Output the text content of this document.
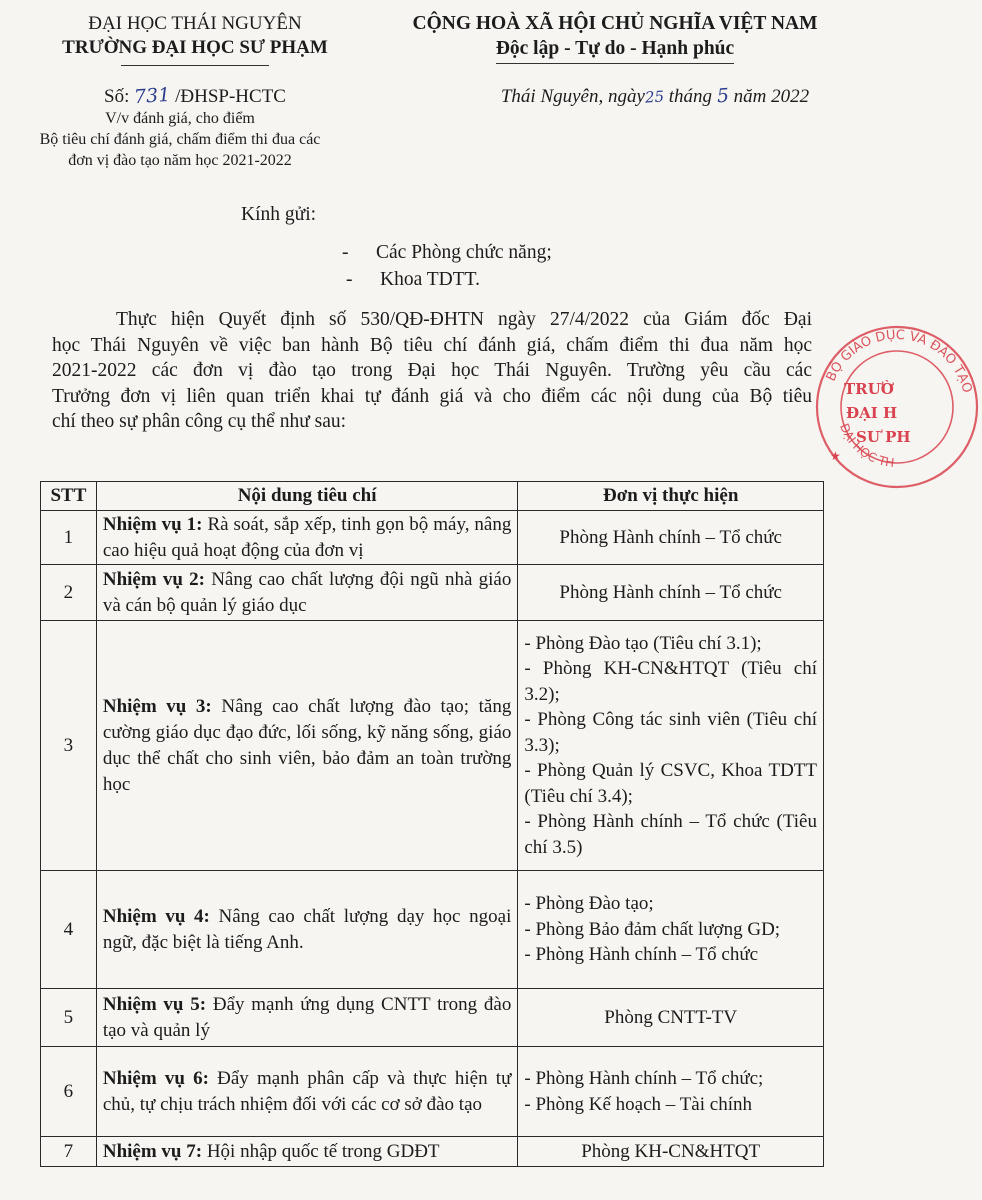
ĐẠI HỌC THÁI NGUYÊN
TRƯỜNG ĐẠI HỌC SƯ PHẠM
CỘNG HOÀ XÃ HỘI CHỦ NGHĨA VIỆT NAM
Độc lập - Tự do - Hạnh phúc
Số: 731 /ĐHSP-HCTC
V/v đánh giá, cho điểm
Bộ tiêu chí đánh giá, chấm điểm thi đua các
đơn vị đào tạo năm học 2021-2022
Thái Nguyên, ngày25 tháng 5 năm 2022
Kính gửi:
- Các Phòng chức năng;
- Khoa TDTT.
Thực hiện Quyết định số 530/QĐ-ĐHTN ngày 27/4/2022 của Giám đốc Đại
học Thái Nguyên về việc ban hành Bộ tiêu chí đánh giá, chấm điểm thi đua năm học
2021-2022 các đơn vị đào tạo trong Đại học Thái Nguyên. Trường yêu cầu các
Trưởng đơn vị liên quan triển khai tự đánh giá và cho điểm các nội dung của Bộ tiêu
chí theo sự phân công cụ thể như sau:
BỘ GIÁO DỤC VÀ ĐÀO TẠO
ĐẠI HỌC TH
TRƯỜ
ĐẠI H
SƯ PH
★
STT	Nội dung tiêu chí	Đơn vị thực hiện
1	Nhiệm vụ 1: Rà soát, sắp xếp, tinh gọn bộ máy, nâng cao hiệu quả hoạt động của đơn vị	Phòng Hành chính – Tổ chức
2	Nhiệm vụ 2: Nâng cao chất lượng đội ngũ nhà giáo và cán bộ quản lý giáo dục	Phòng Hành chính – Tổ chức
3	Nhiệm vụ 3: Nâng cao chất lượng đào tạo; tăng cường giáo dục đạo đức, lối sống, kỹ năng sống, giáo dục thể chất cho sinh viên, bảo đảm an toàn trường học	- Phòng Đào tạo (Tiêu chí 3.1);
- Phòng KH-CN&HTQT (Tiêu chí 3.2);
- Phòng Công tác sinh viên (Tiêu chí 3.3);
- Phòng Quản lý CSVC, Khoa TDTT (Tiêu chí 3.4);
- Phòng Hành chính – Tổ chức (Tiêu chí 3.5)

4	Nhiệm vụ 4: Nâng cao chất lượng dạy học ngoại ngữ, đặc biệt là tiếng Anh.	- Phòng Đào tạo;
- Phòng Bảo đảm chất lượng GD;
- Phòng Hành chính – Tổ chức

5	Nhiệm vụ 5: Đẩy mạnh ứng dụng CNTT trong đào tạo và quản lý	Phòng CNTT-TV
6	Nhiệm vụ 6: Đẩy mạnh phân cấp và thực hiện tự chủ, tự chịu trách nhiệm đối với các cơ sở đào tạo	- Phòng Hành chính – Tổ chức;
- Phòng Kế hoạch – Tài chính

7	Nhiệm vụ 7: Hội nhập quốc tế trong GDĐT	Phòng KH-CN&HTQT
